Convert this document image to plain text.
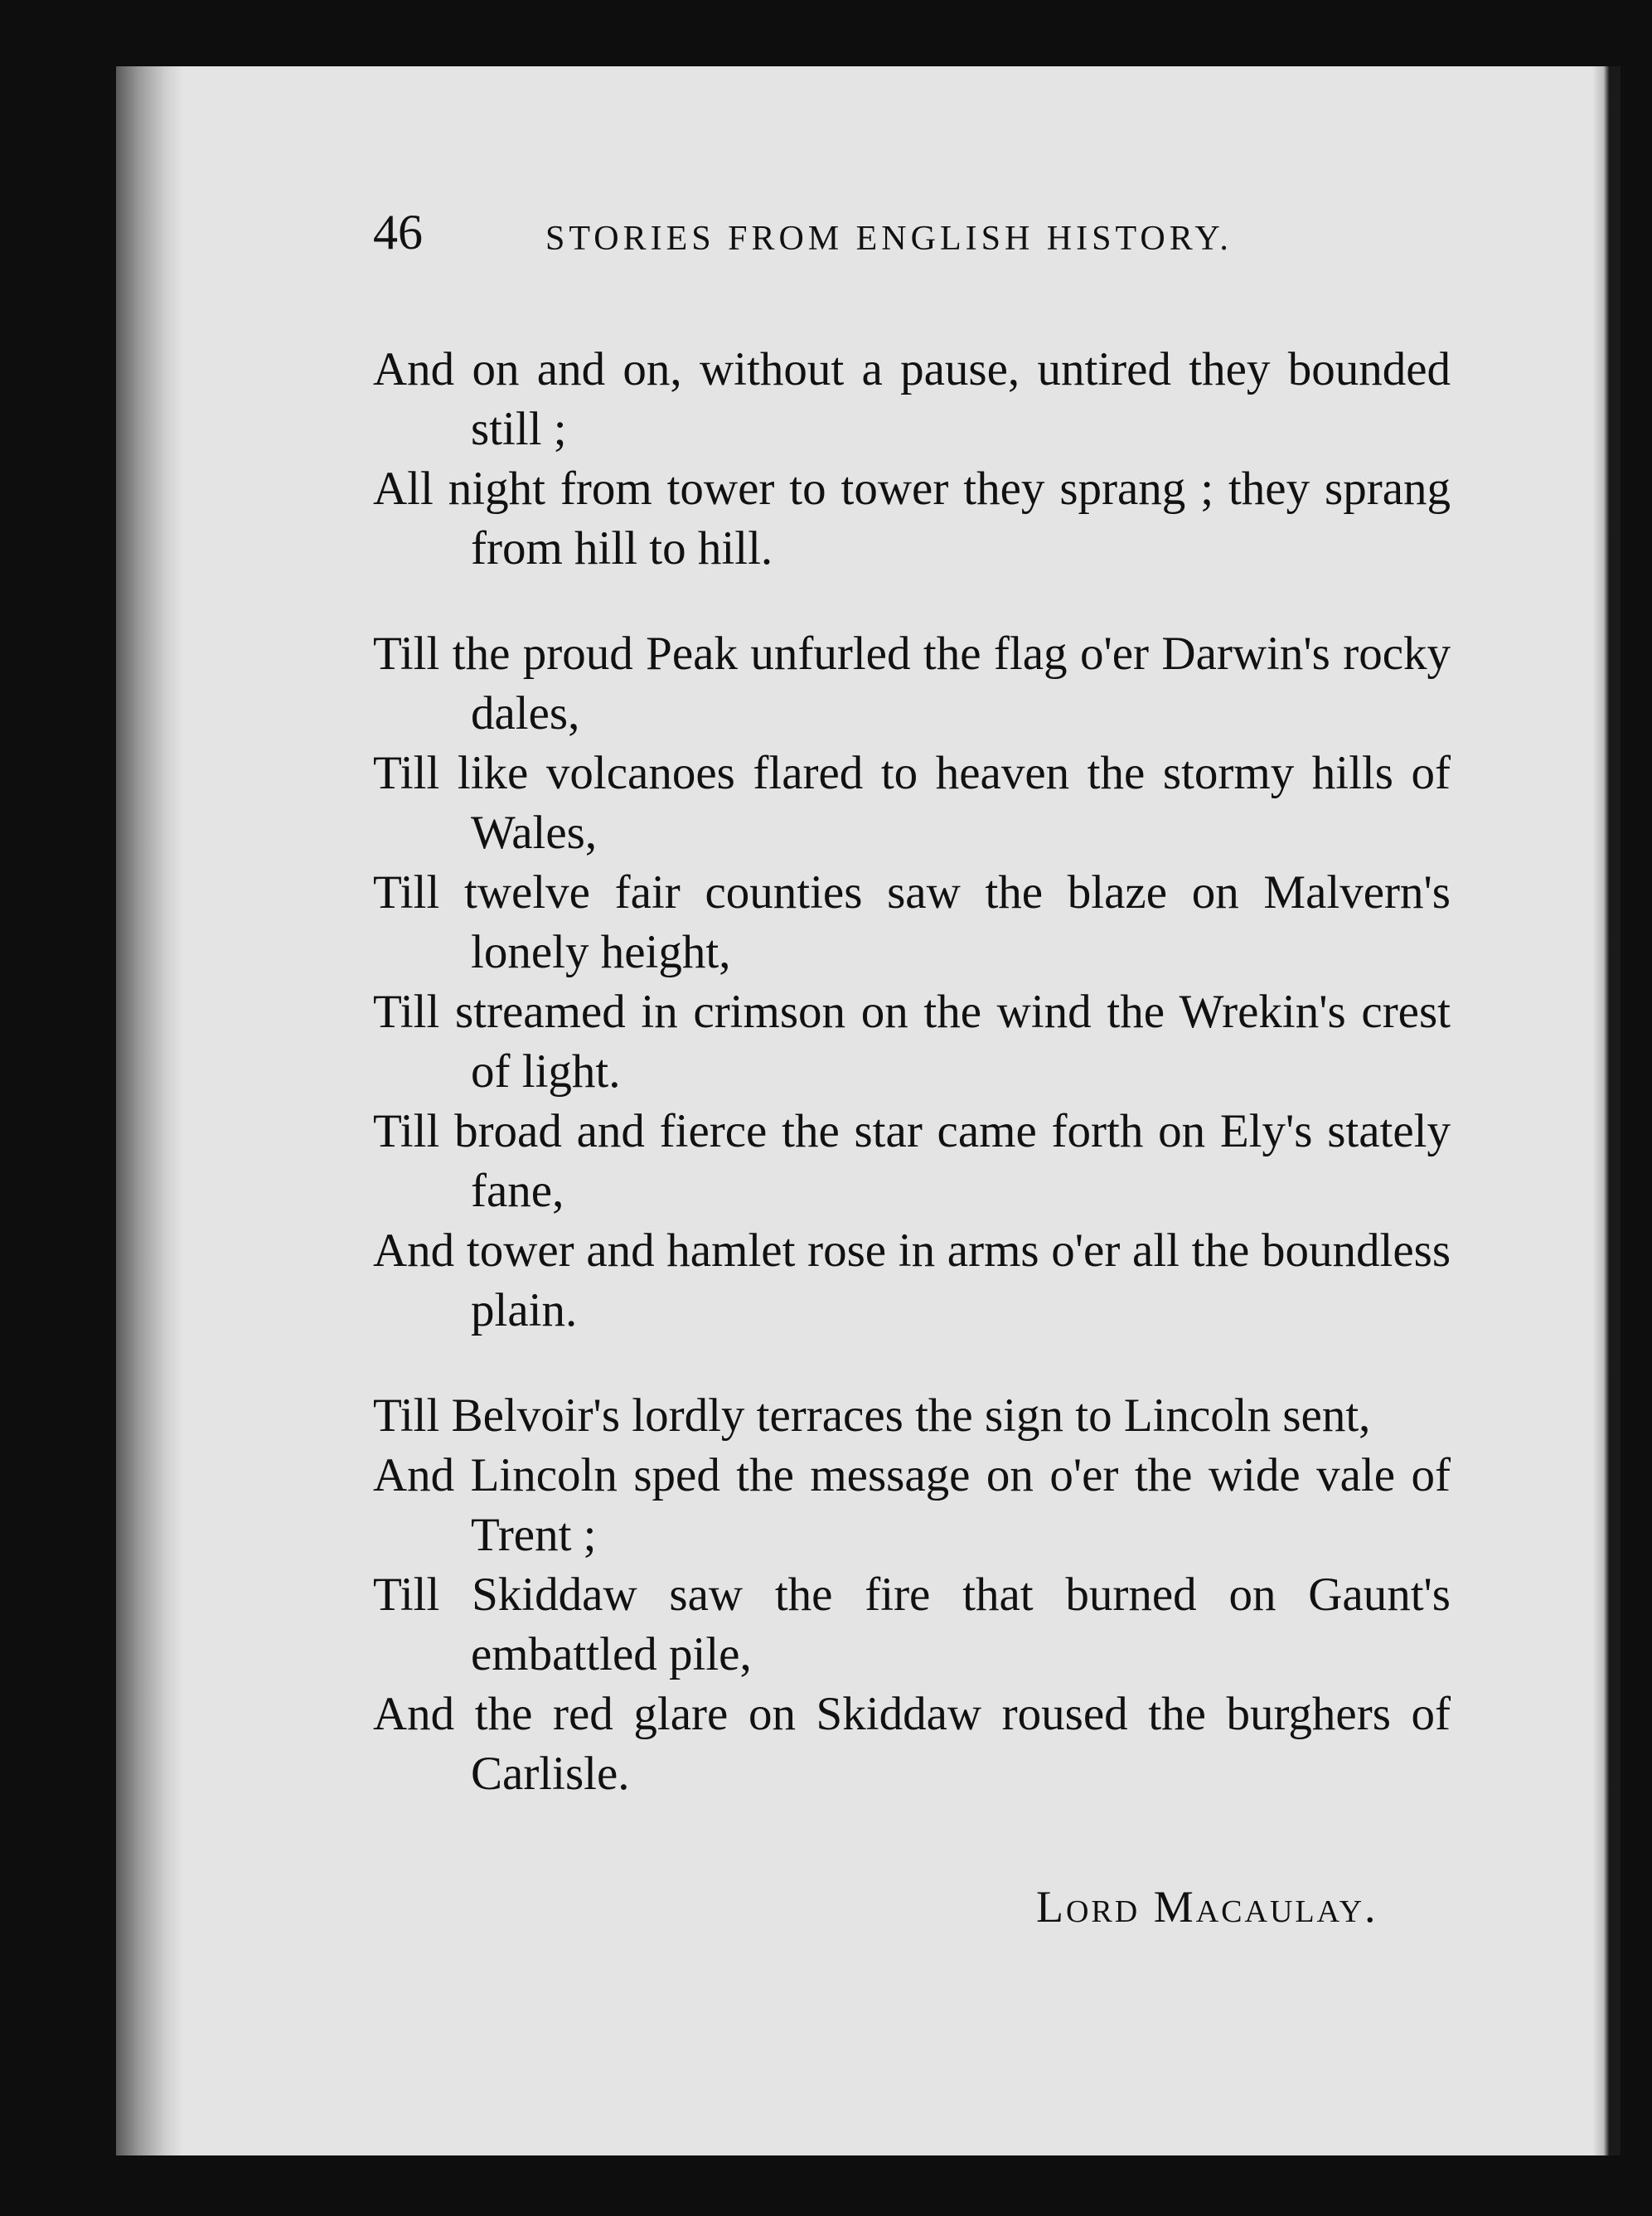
46	STORIES FROM ENGLISH HISTORY.

And on and on, without a pause, untired they bounded still ;

All night from tower to tower they sprang ; they sprang from hill to hill.

Till the proud Peak unfurled the flag o'er Darwin's rocky dales,

Till like volcanoes flared to heaven the stormy hills of Wales,

Till twelve fair counties saw the blaze on Malvern's lonely height,

Till streamed in crimson on the wind the Wrekin's crest of light.

Till broad and fierce the star came forth on Ely's stately fane,

And tower and hamlet rose in arms o'er all the boundless plain.

Till Belvoir's lordly terraces the sign to Lincoln sent,

And Lincoln sped the message on o'er the wide vale of Trent ;

Till Skiddaw saw the fire that burned on Gaunt's embattled pile,

And the red glare on Skiddaw roused the burghers of Carlisle.

Lord Macaulay.
